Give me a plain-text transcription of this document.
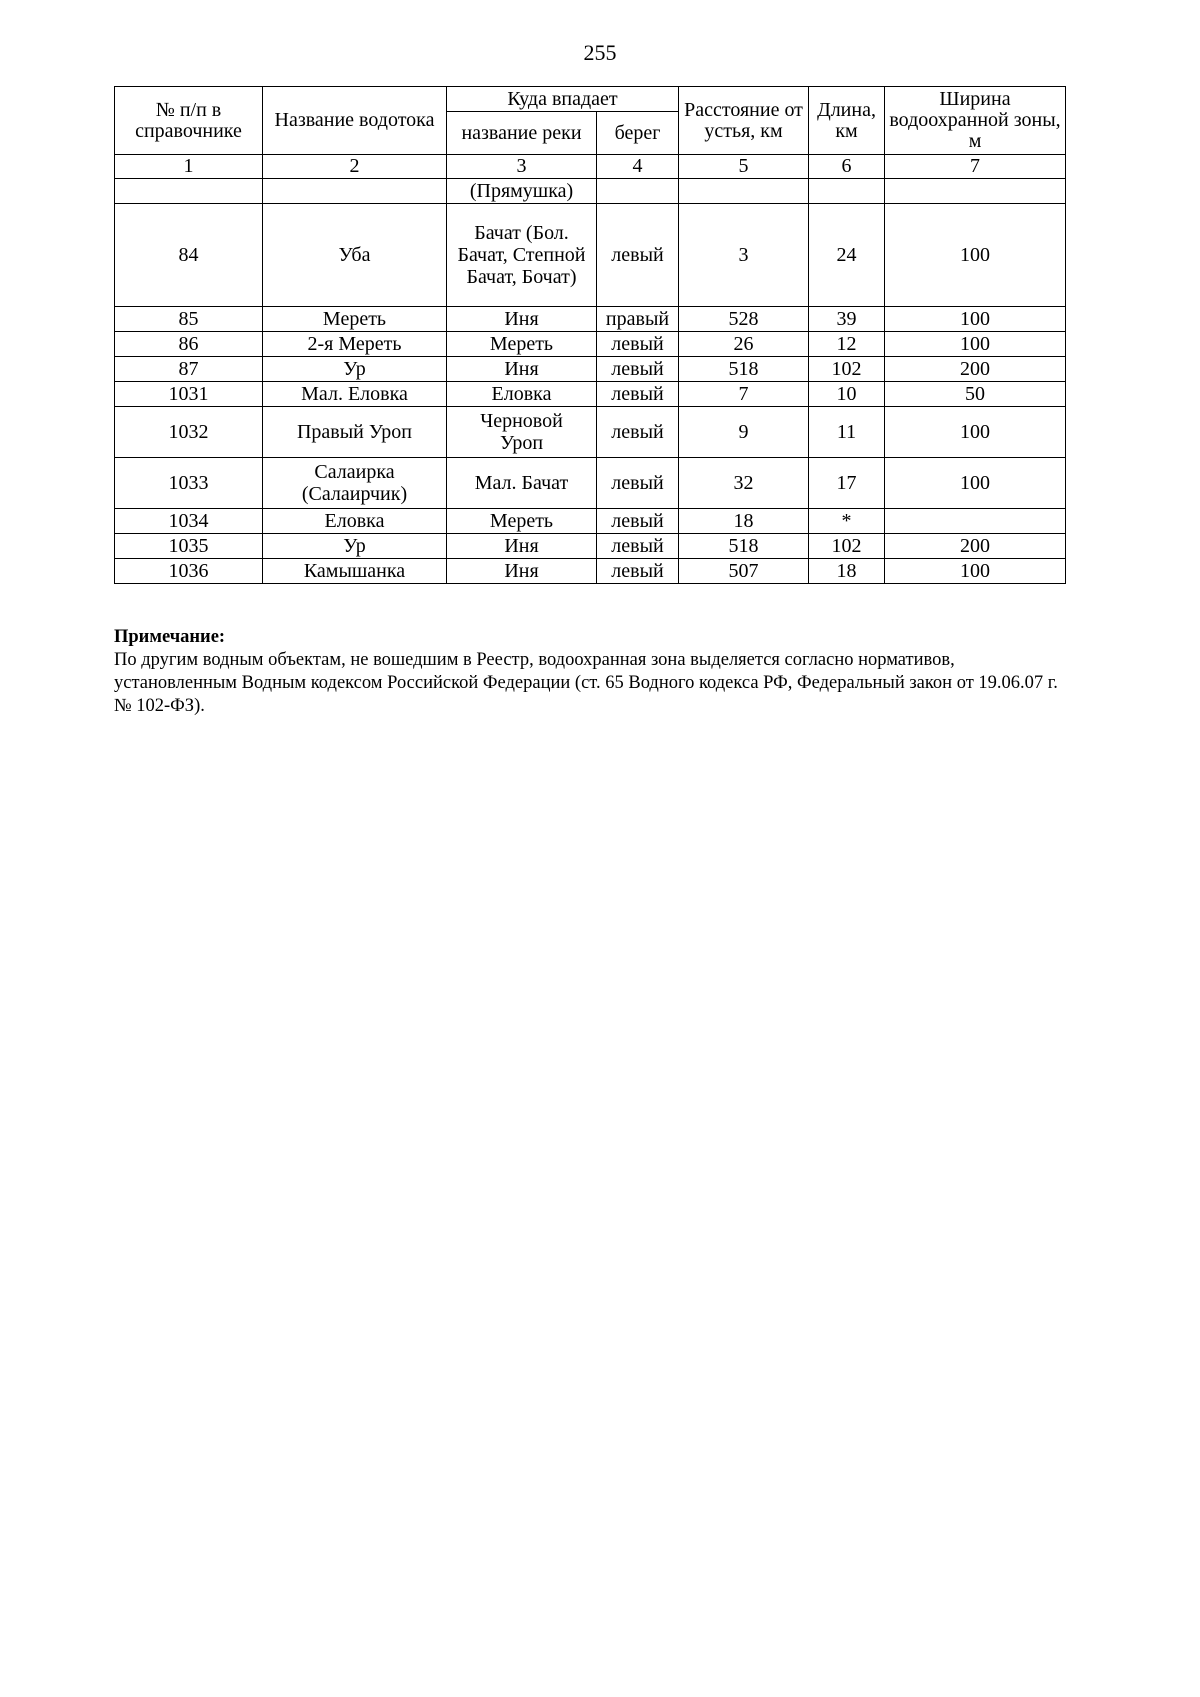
255
№ п/п в справочнике	Название водотока	Куда впадает		Расстояние от устья, км	Длина, км	Ширина водоохранной зоны, м
		название реки	берег			
1	2	3	4	5	6	7
		(Прямушка)				
84	Уба	Бачат (Бол. Бачат, Степной Бачат, Бочат)	левый	3	24	100
85	Мереть	Иня	правый	528	39	100
86	2-я Мереть	Мереть	левый	26	12	100
87	Ур	Иня	левый	518	102	200
1031	Мал. Еловка	Еловка	левый	7	10	50
1032	Правый Уроп	Черновой Уроп	левый	9	11	100
1033	Салаирка (Салаирчик)	Мал. Бачат	левый	32	17	100
1034	Еловка	Мереть	левый	18	*	
1035	Ур	Иня	левый	518	102	200
1036	Камышанка	Иня	левый	507	18	100
Примечание:
По другим водным объектам, не вошедшим в Реестр, водоохранная зона выделяется согласно нормативов, установленным Водным кодексом Российской Федерации (ст. 65 Водного кодекса РФ, Федеральный закон от 19.06.07 г. № 102-ФЗ).
